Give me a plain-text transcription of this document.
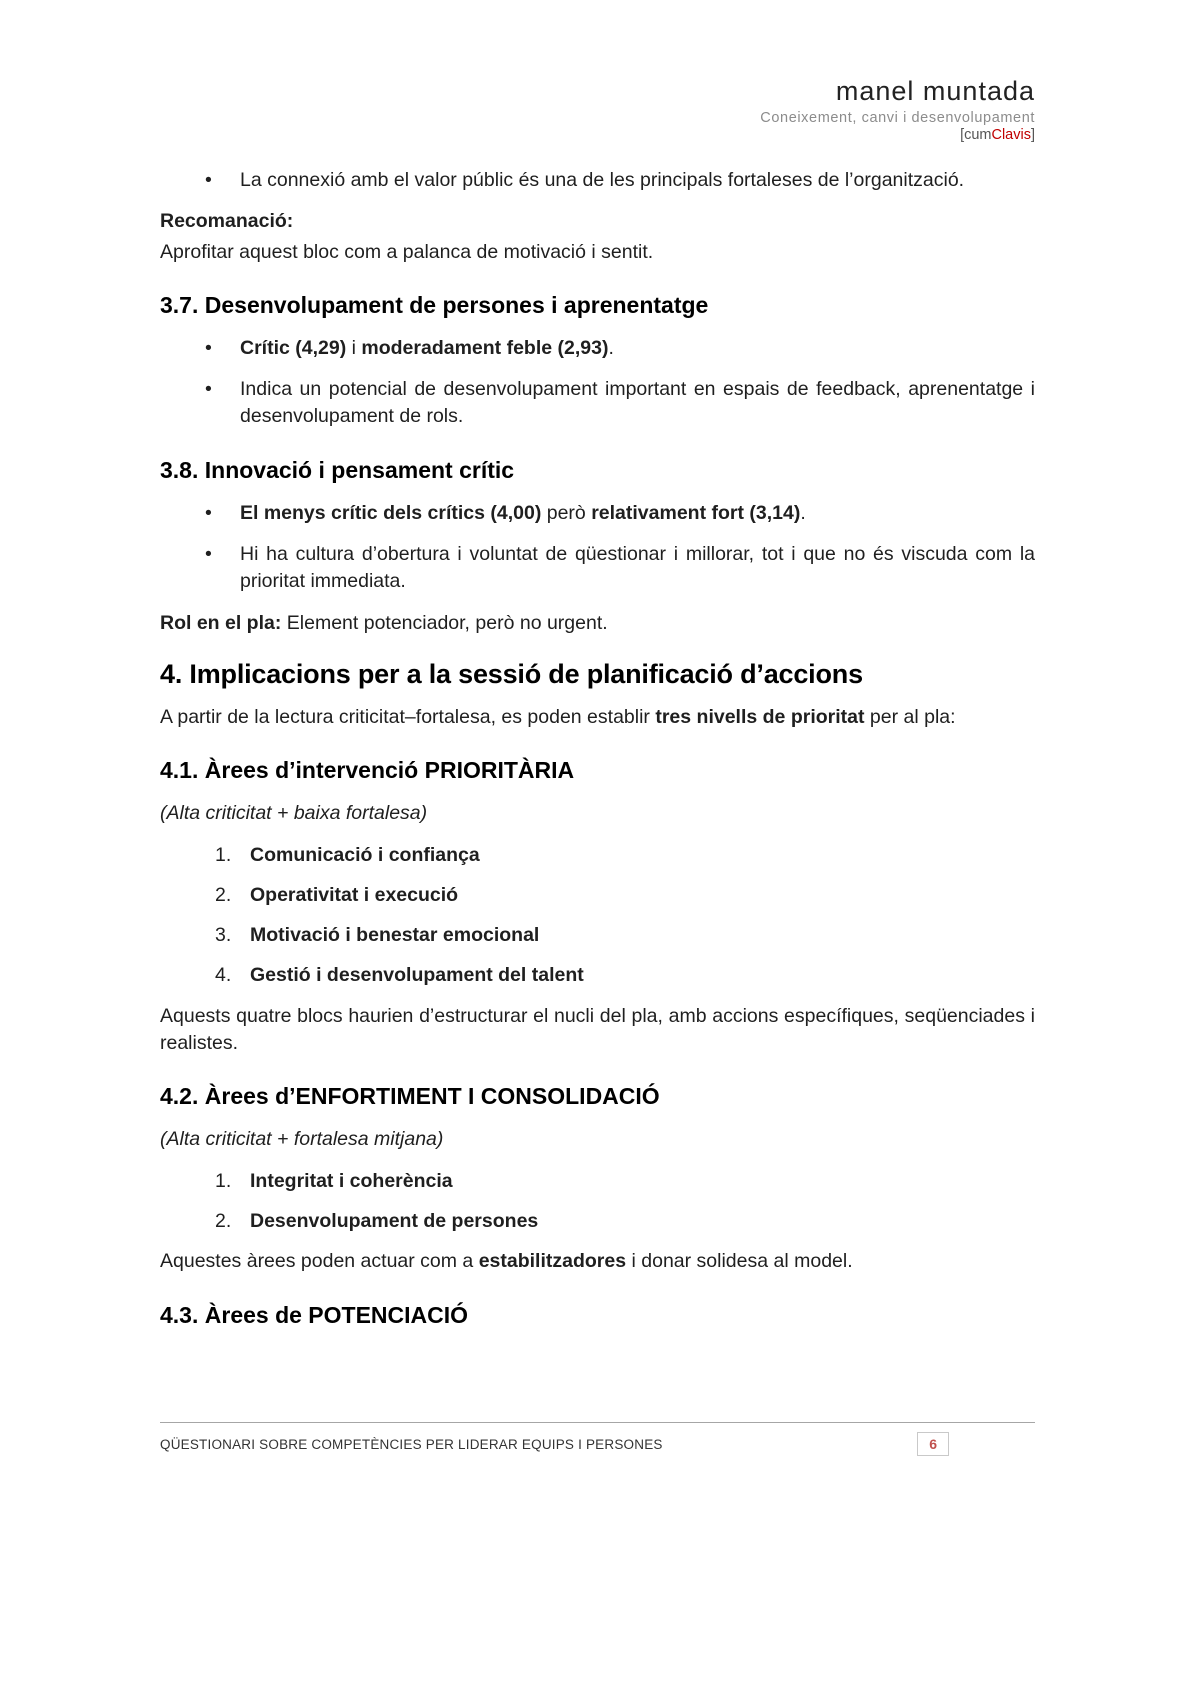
manel muntada
Coneixement, canvi i desenvolupament
[cumClavis]
•	La connexió amb el valor públic és una de les principals fortaleses de l’organització.

Recomanació:

Aprofitar aquest bloc com a palanca de motivació i sentit.

3.7. Desenvolupament de persones i aprenentatge
•	Crític (4,29) i moderadament feble (2,93).
•	Indica un potencial de desenvolupament important en espais de feedback, aprenentatge i desenvolupament de rols.
3.8. Innovació i pensament crític
•	El menys crític dels crítics (4,00) però relativament fort (3,14).
•	Hi ha cultura d’obertura i voluntat de qüestionar i millorar, tot i que no és viscuda com la prioritat immediata.

Rol en el pla: Element potenciador, però no urgent.

4. Implicacions per a la sessió de planificació d’accions

A partir de la lectura criticitat–fortalesa, es poden establir tres nivells de prioritat per al pla:

4.1. Àrees d’intervenció PRIORITÀRIA

(Alta criticitat + baixa fortalesa)

1. Comunicació i confiança
2. Operativitat i execució
3. Motivació i benestar emocional
4. Gestió i desenvolupament del talent

Aquests quatre blocs haurien d’estructurar el nucli del pla, amb accions específiques, seqüenciades i realistes.

4.2. Àrees d’ENFORTIMENT I CONSOLIDACIÓ

(Alta criticitat + fortalesa mitjana)

1. Integritat i coherència
2. Desenvolupament de persones

Aquestes àrees poden actuar com a estabilitzadores i donar solidesa al model.

4.3. Àrees de POTENCIACIÓ
QÜESTIONARI SOBRE COMPETÈNCIES PER LIDERAR EQUIPS I PERSONES	6
